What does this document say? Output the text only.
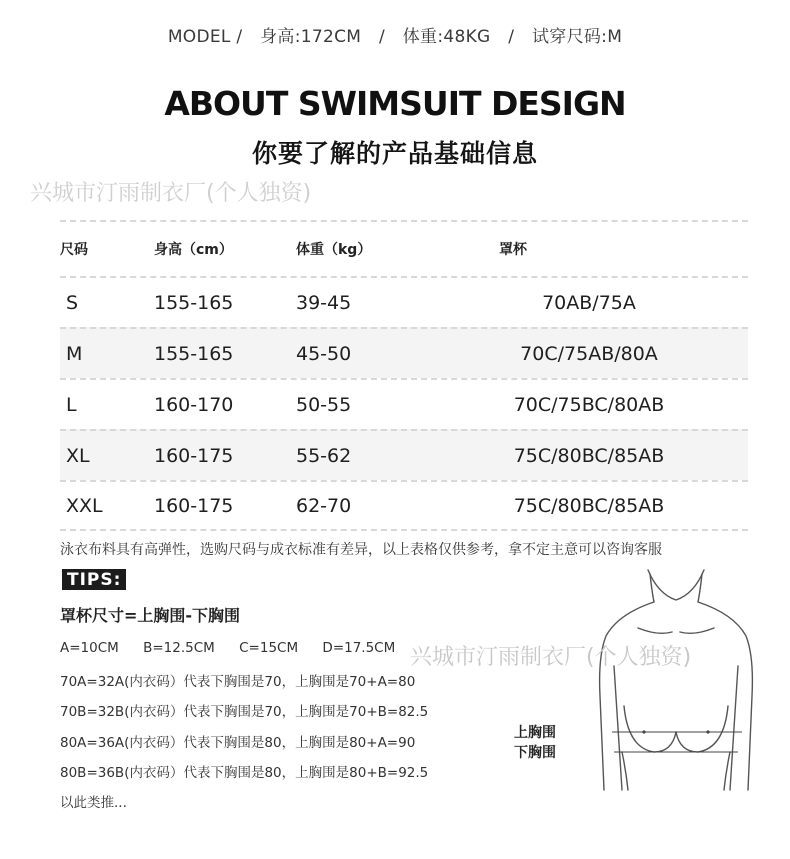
MODEL / 身高:172CM / 体重:48KG / 试穿尺码:M
ABOUT SWIMSUIT DESIGN
你要了解的产品基础信息
兴城市汀雨制衣厂(个人独资)
尺码	身高（cm）	体重（kg）	罩杯
S	155-165	39-45	70AB/75A
M	155-165	45-50	70C/75AB/80A
L	160-170	50-55	70C/75BC/80AB
XL	160-175	55-62	75C/80BC/85AB
XXL	160-175	62-70	75C/80BC/85AB
泳衣布料具有高弹性，选购尺码与成衣标准有差异，以上表格仅供参考，拿不定主意可以咨询客服
TIPS:
罩杯尺寸=上胸围-下胸围
A=10CM B=12.5CM C=15CM D=17.5CM
70A=32A(内衣码）代表下胸围是70，上胸围是70+A=80
70B=32B(内衣码）代表下胸围是70，上胸围是70+B=82.5
80A=36A(内衣码）代表下胸围是80，上胸围是80+A=90
80B=36B(内衣码）代表下胸围是80，上胸围是80+B=92.5
以此类推...
兴城市汀雨制衣厂(个人独资)
上胸围
下胸围
